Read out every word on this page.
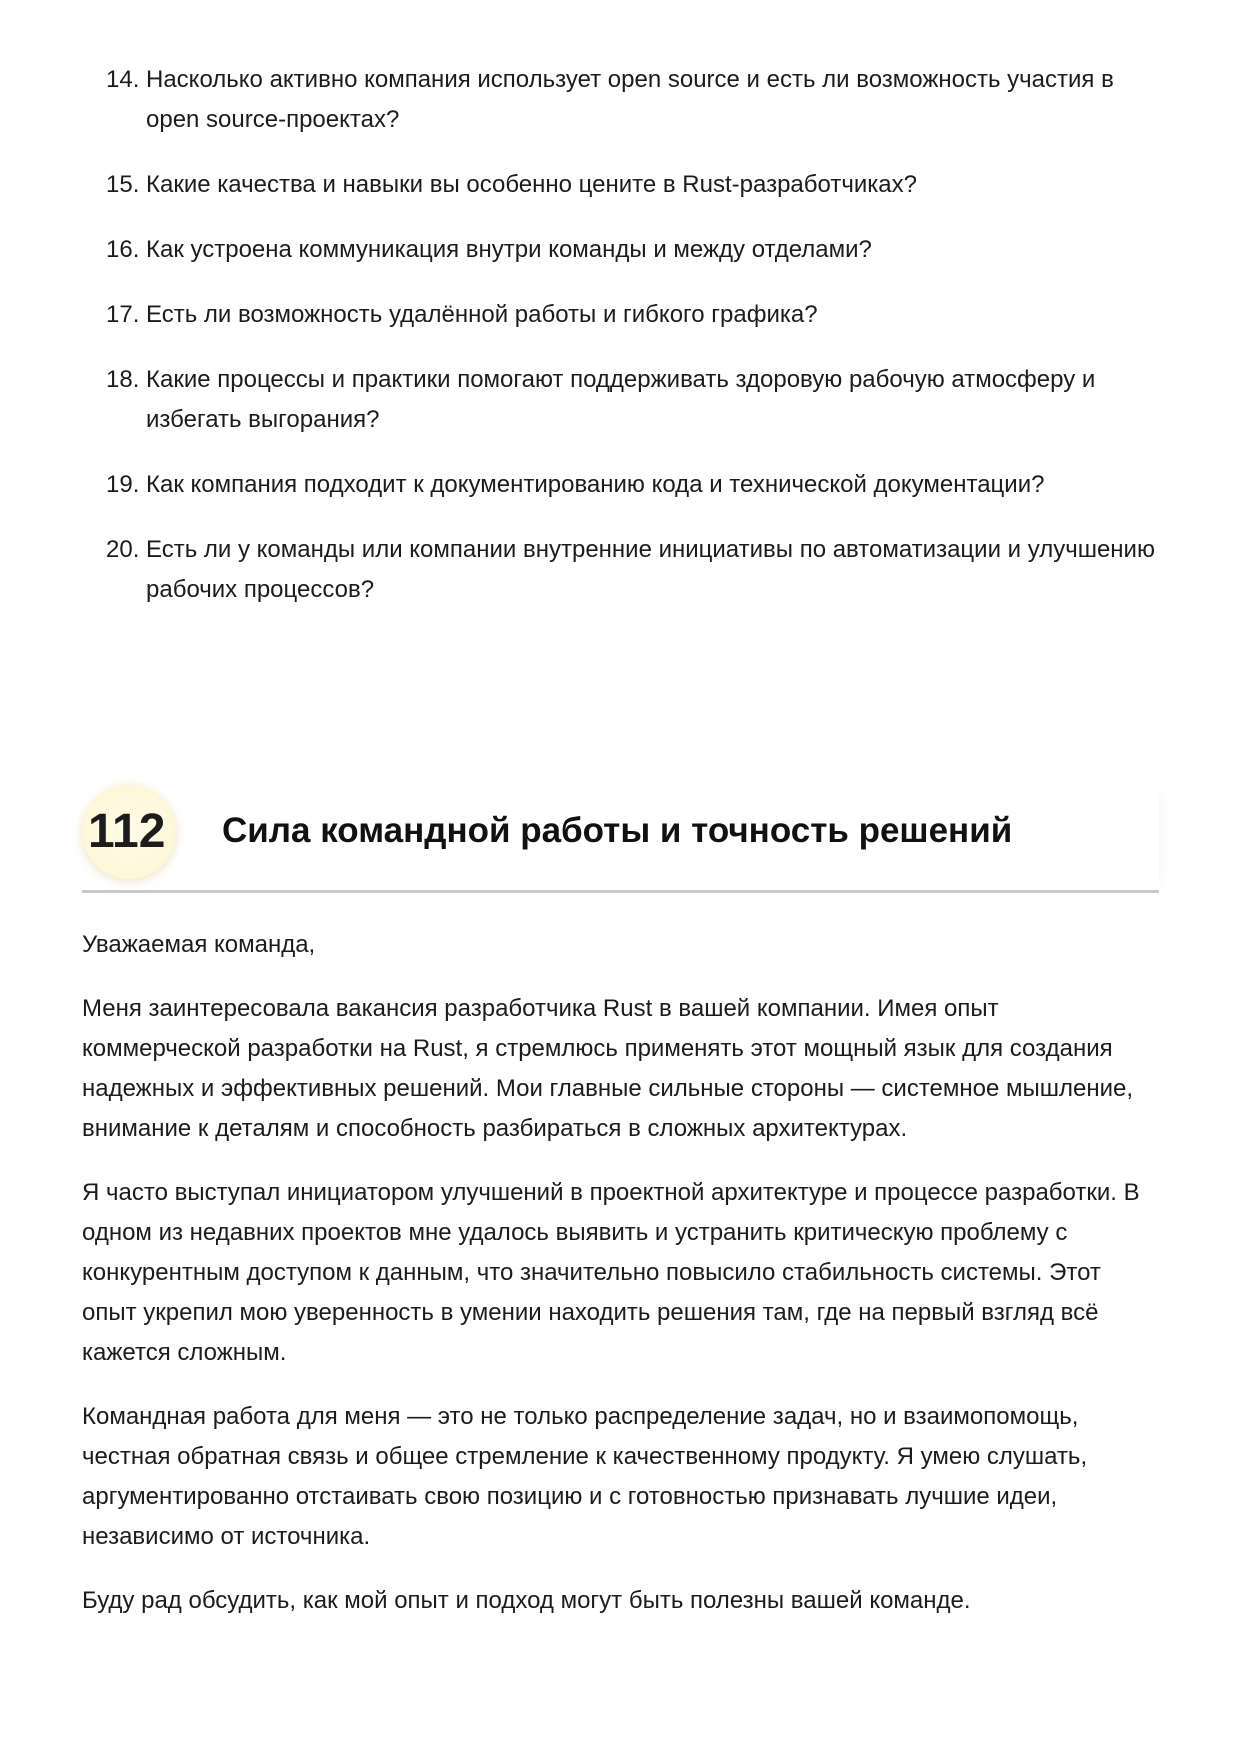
14. Насколько активно компания использует open source и есть ли возможность участия в open source-проектах?
15. Какие качества и навыки вы особенно цените в Rust-разработчиках?
16. Как устроена коммуникация внутри команды и между отделами?
17. Есть ли возможность удалённой работы и гибкого графика?
18. Какие процессы и практики помогают поддерживать здоровую рабочую атмосферу и избегать выгорания?
19. Как компания подходит к документированию кода и технической документации?
20. Есть ли у команды или компании внутренние инициативы по автоматизации и улучшению рабочих процессов?
112	Сила командной работы и точность решений

Уважаемая команда,

Меня заинтересовала вакансия разработчика Rust в вашей компании. Имея опыт коммерческой разработки на Rust, я стремлюсь применять этот мощный язык для создания надежных и эффективных решений. Мои главные сильные стороны — системное мышление, внимание к деталям и способность разбираться в сложных архитектурах.

Я часто выступал инициатором улучшений в проектной архитектуре и процессе разработки. В одном из недавних проектов мне удалось выявить и устранить критическую проблему с конкурентным доступом к данным, что значительно повысило стабильность системы. Этот опыт укрепил мою уверенность в умении находить решения там, где на первый взгляд всё кажется сложным.

Командная работа для меня — это не только распределение задач, но и взаимопомощь, честная обратная связь и общее стремление к качественному продукту. Я умею слушать, аргументированно отстаивать свою позицию и с готовностью признавать лучшие идеи, независимо от источника.

Буду рад обсудить, как мой опыт и подход могут быть полезны вашей команде.
